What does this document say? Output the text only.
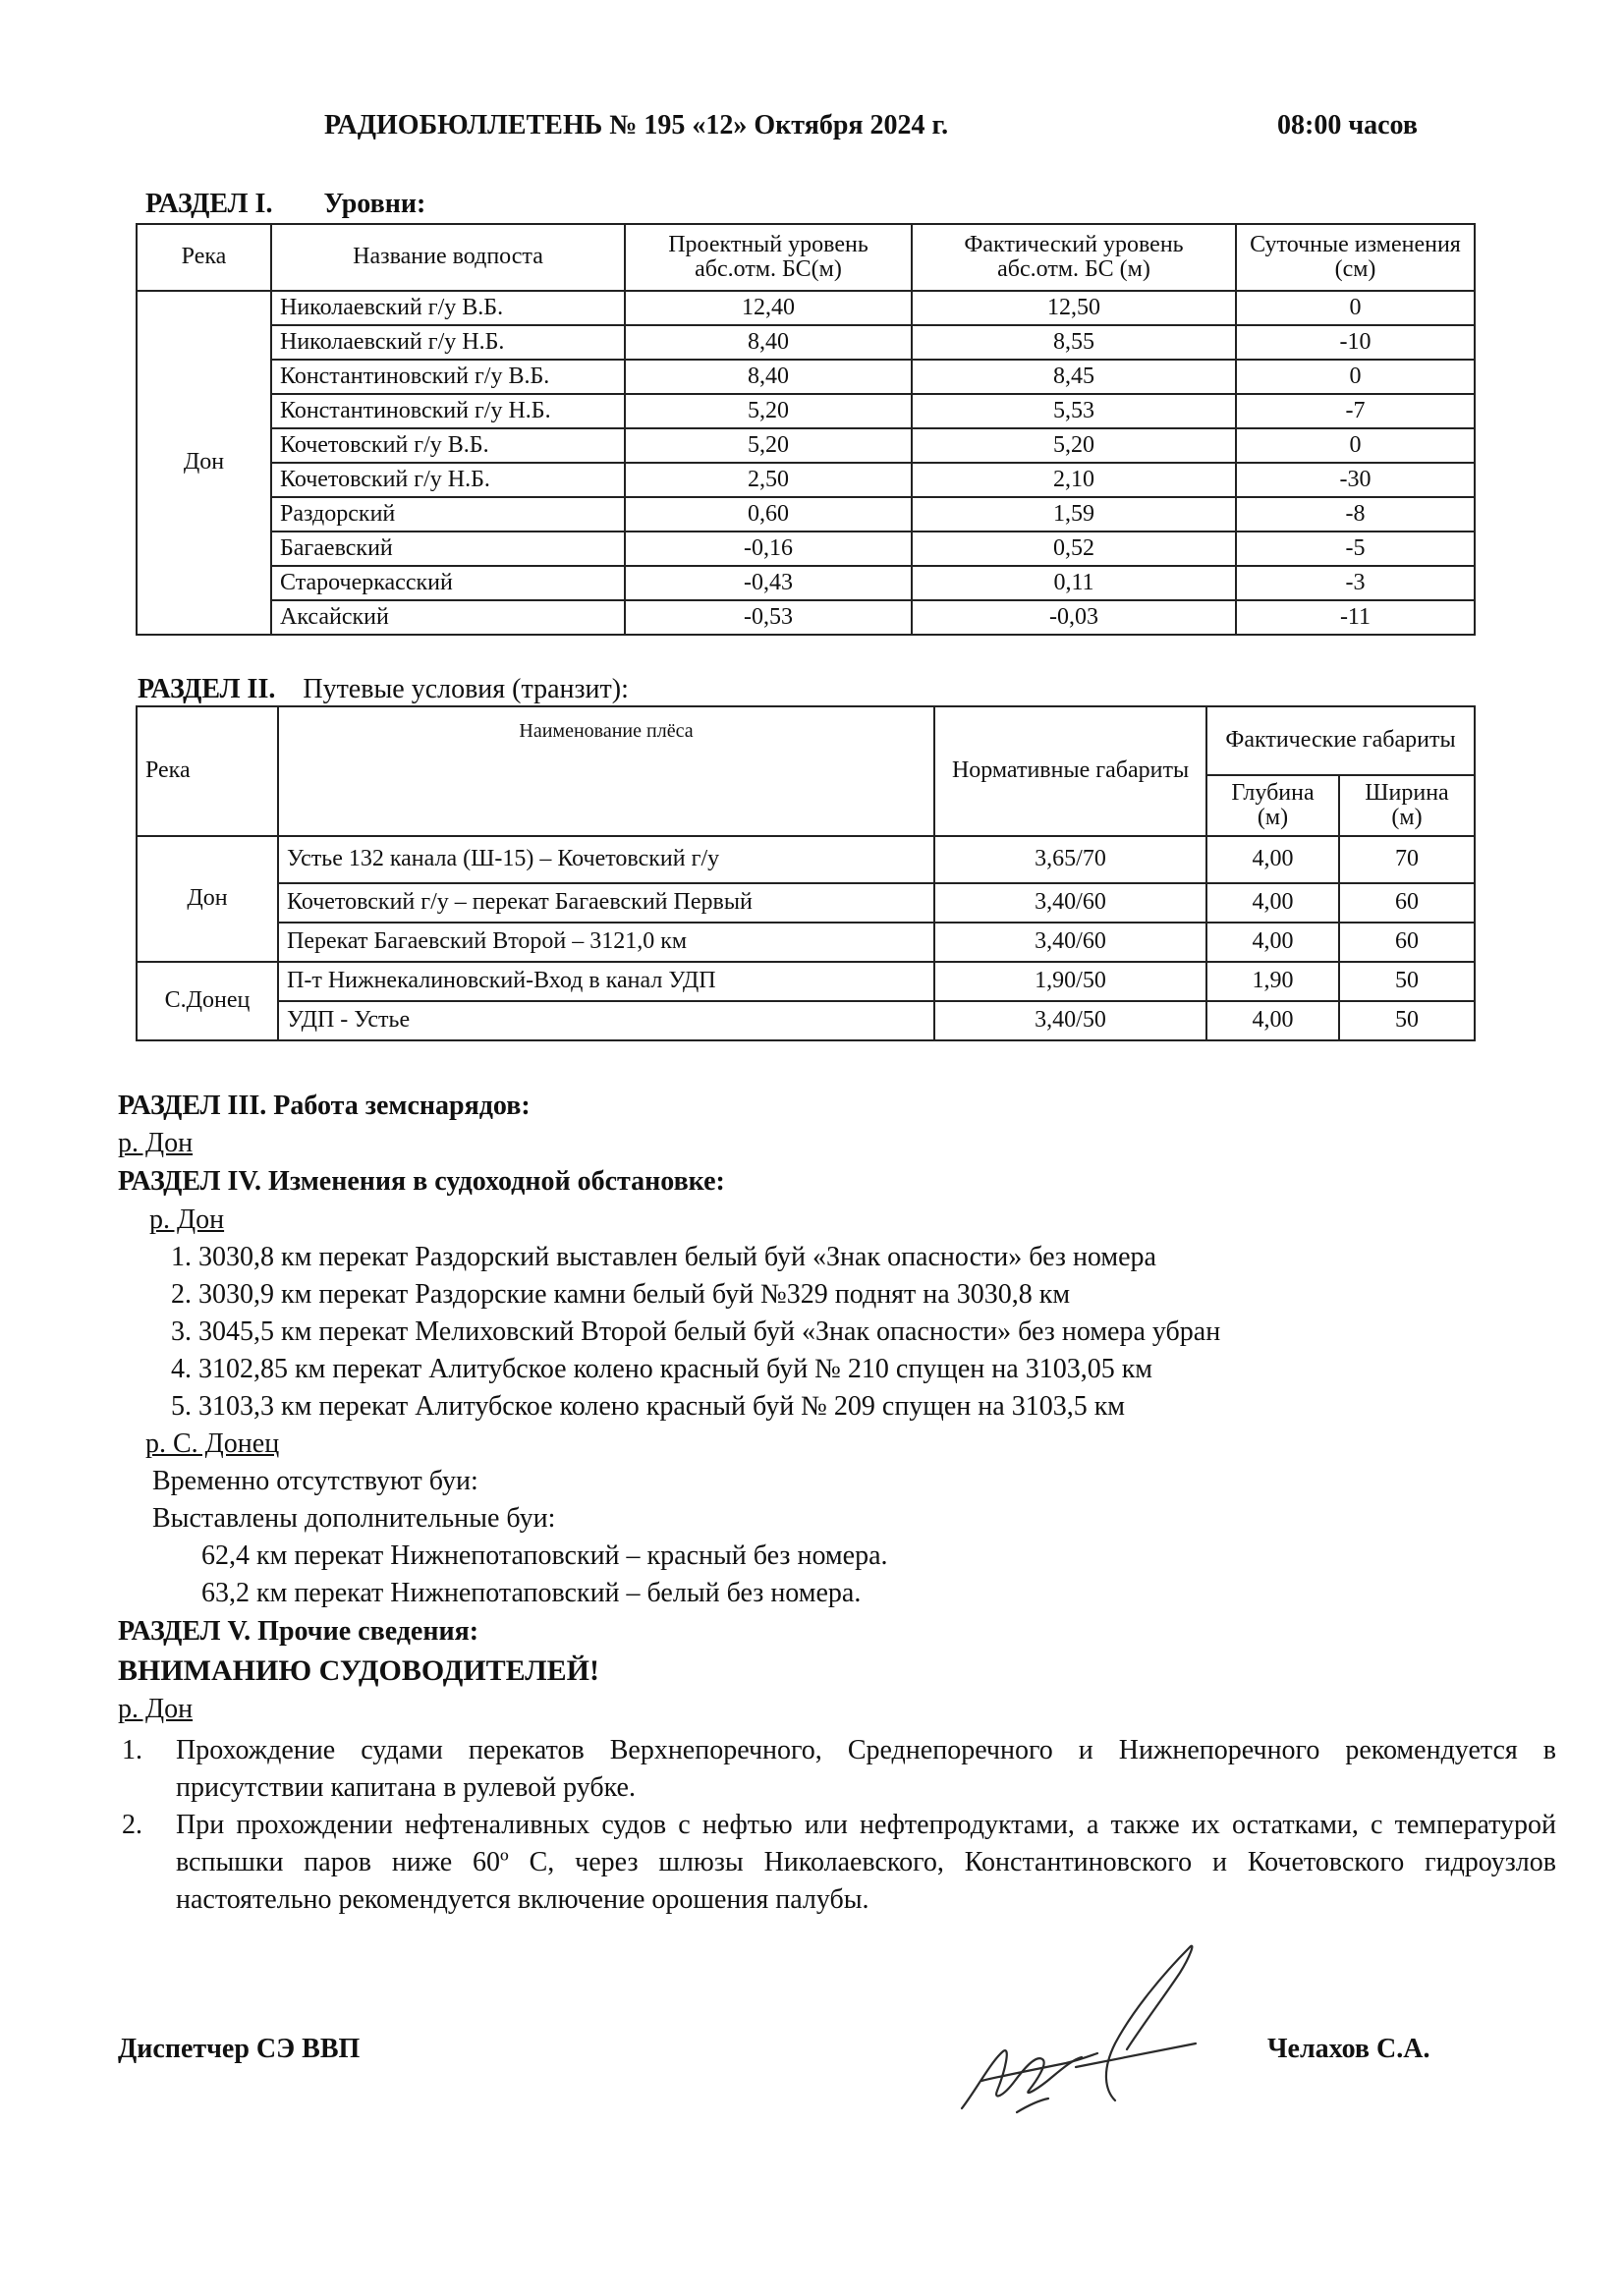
РАДИОБЮЛЛЕТЕНЬ № 195 «12» Октября 2024 г.	08:00 часов
РАЗДЕЛ I. Уровни:
Река	Название водпоста	Проектный уровень абс.отм. БС(м)	Фактический уровень абс.отм. БС (м)	Суточные изменения (см)
Дон	Николаевский г/у В.Б.	12,40	12,50	0
	Николаевский г/у Н.Б.	8,40	8,55	-10
	Константиновский г/у В.Б.	8,40	8,45	0
	Константиновский г/у Н.Б.	5,20	5,53	-7
	Кочетовский г/у В.Б.	5,20	5,20	0
	Кочетовский г/у Н.Б.	2,50	2,10	-30
	Раздорский	0,60	1,59	-8
	Багаевский	-0,16	0,52	-5
	Старочеркасский	-0,43	0,11	-3
	Аксайский	-0,53	-0,03	-11
РАЗДЕЛ II. Путевые условия (транзит):
Река	Наименование плёса	Нормативные габариты	Фактические габариты	
			Глубина (м)	Ширина (м)
Дон	Устье 132 канала (Ш-15) – Кочетовский г/у	3,65/70	4,00	70
	Кочетовский г/у – перекат Багаевский Первый	3,40/60	4,00	60
	Перекат Багаевский Второй – 3121,0 км	3,40/60	4,00	60
С.Донец	П-т Нижнекалиновский-Вход в канал УДП	1,90/50	1,90	50
	УДП - Устье	3,40/50	4,00	50
РАЗДЕЛ III. Работа земснарядов:
р. Дон
РАЗДЕЛ IV. Изменения в судоходной обстановке:
р. Дон
1. 3030,8 км перекат Раздорский выставлен белый буй «Знак опасности» без номера
2. 3030,9 км перекат Раздорские камни белый буй №329 поднят на 3030,8 км
3. 3045,5 км перекат Мелиховский Второй белый буй «Знак опасности» без номера убран
4. 3102,85 км перекат Алитубское колено красный буй № 210 спущен на 3103,05 км
5. 3103,3 км перекат Алитубское колено красный буй № 209 спущен на 3103,5 км
р. С. Донец
Временно отсутствуют буи:
Выставлены дополнительные буи:
62,4 км перекат Нижнепотаповский – красный без номера.
63,2 км перекат Нижнепотаповский – белый без номера.
РАЗДЕЛ V. Прочие сведения:
ВНИМАНИЮ СУДОВОДИТЕЛЕЙ!
р. Дон
1. Прохождение судами перекатов Верхнепоречного, Среднепоречного и Нижнепоречного рекомендуется в присутствии капитана в рулевой рубке.
2. При прохождении нефтеналивных судов с нефтью или нефтепродуктами, а также их остатками, с температурой вспышки паров ниже 60º С, через шлюзы Николаевского, Константиновского и Кочетовского гидроузлов настоятельно рекомендуется включение орошения палубы.
Диспетчер СЭ ВВП	Челахов С.А.
